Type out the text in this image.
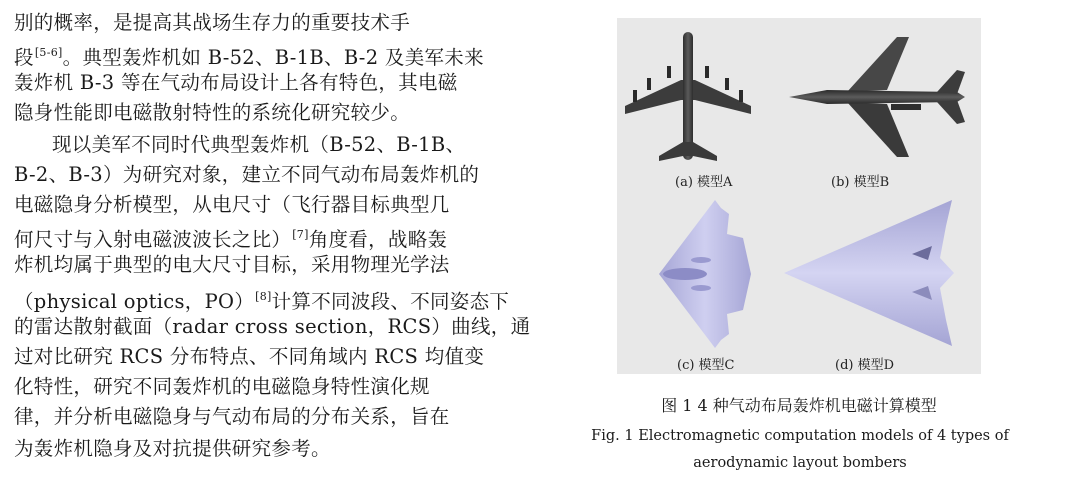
别的概率，是提高其战场生存力的重要技术手
段[5-6]。典型轰炸机如 B-52、B-1B、B-2 及美军未来
轰炸机 B-3 等在气动布局设计上各有特色，其电磁
隐身性能即电磁散射特性的系统化研究较少。
现以美军不同时代典型轰炸机（B-52、B-1B、
B-2、B-3）为研究对象，建立不同气动布局轰炸机的
电磁隐身分析模型，从电尺寸（飞行器目标典型几
何尺寸与入射电磁波波长之比）[7]角度看，战略轰
炸机均属于典型的电大尺寸目标，采用物理光学法
（physical optics，PO）[8]计算不同波段、不同姿态下
的雷达散射截面（radar cross section，RCS）曲线，通
过对比研究 RCS 分布特点、不同角域内 RCS 均值变
化特性，研究不同轰炸机的电磁隐身特性演化规
律，并分析电磁隐身与气动布局的分布关系，旨在
为轰炸机隐身及对抗提供研究参考。
(a) 模型A	(b) 模型B
(c) 模型C	(d) 模型D
图 1 4 种气动布局轰炸机电磁计算模型
Fig. 1 Electromagnetic computation models of 4 types of
aerodynamic layout bombers
